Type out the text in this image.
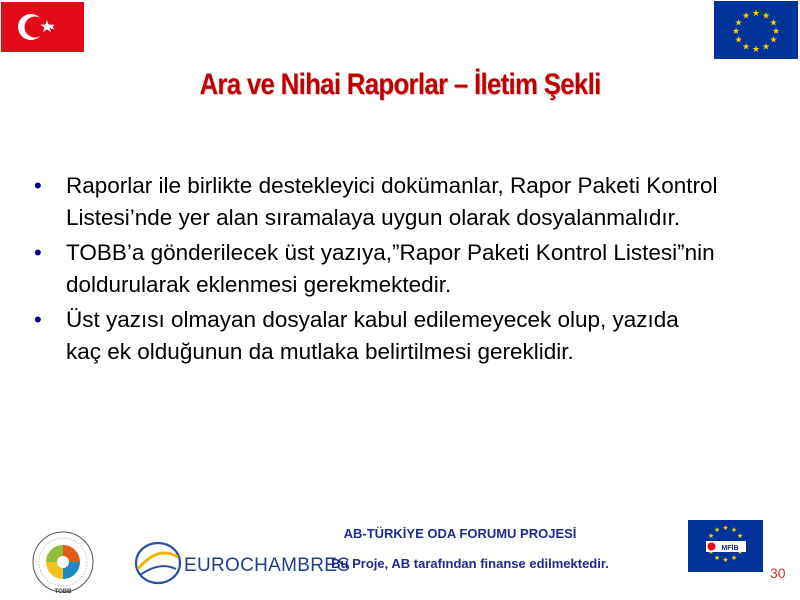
★ ★
★
★
★
★
★
★
★
★
★
★
Ara ve Nihai Raporlar – İletim Şekli
• Raporlar ile birlikte destekleyici dokümanlar, Rapor Paketi Kontrol Listesi’nde yer alan sıramalaya uygun olarak dosyalanmalıdır.
• TOBB’a gönderilecek üst yazıya,”Rapor Paketi Kontrol Listesi”nin doldurularak eklenmesi gerekmektedir.
• Üst yazısı olmayan dosyalar kabul edilemeyecek olup, yazıda kaç ek olduğunun da mutlaka belirtilmesi gereklidir.
TOBB
EUROCHAMBRES
AB-TÜRKİYE ODA FORUMU PROJESİ
Bu Proje, AB tarafından finanse edilmektedir.
★ ★
★
★
★
★
★
★
MFİB
30
